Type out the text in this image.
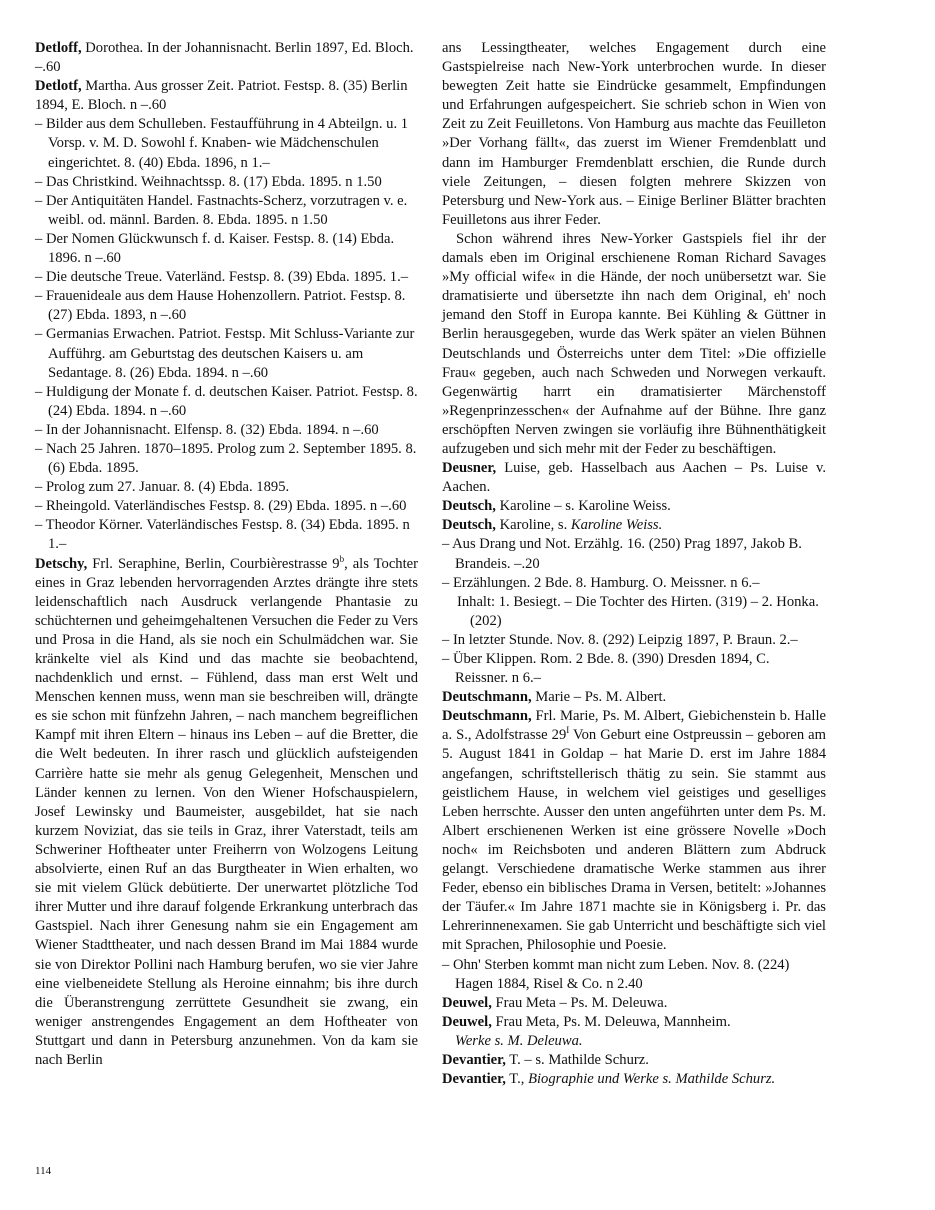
Detloff, Dorothea. In der Johannisnacht. Berlin 1897, Ed. Bloch. –.60
Detlotf, Martha. Aus grosser Zeit. Patriot. Festsp. 8. (35) Berlin 1894, E. Bloch. n –.60
– Bilder aus dem Schulleben. Festaufführung in 4 Abteilgn. u. 1 Vorsp. v. M. D. Sowohl f. Knaben- wie Mädchenschulen eingerichtet. 8. (40) Ebda. 1896, n 1.–
– Das Christkind. Weihnachtssp. 8. (17) Ebda. 1895. n 1.50
– Der Antiquitäten Handel. Fastnachts-Scherz, vorzutragen v. e. weibl. od. männl. Barden. 8. Ebda. 1895. n 1.50
– Der Nomen Glückwunsch f. d. Kaiser. Festsp. 8. (14) Ebda. 1896. n –.60
– Die deutsche Treue. Vaterländ. Festsp. 8. (39) Ebda. 1895. 1.–
– Frauenideale aus dem Hause Hohenzollern. Patriot. Festsp. 8. (27) Ebda. 1893, n –.60
– Germanias Erwachen. Patriot. Festsp. Mit Schluss-Variante zur Aufführg. am Geburtstag des deutschen Kaisers u. am Sedantage. 8. (26) Ebda. 1894. n –.60
– Huldigung der Monate f. d. deutschen Kaiser. Patriot. Festsp. 8. (24) Ebda. 1894. n –.60
– In der Johannisnacht. Elfensp. 8. (32) Ebda. 1894. n –.60
– Nach 25 Jahren. 1870–1895. Prolog zum 2. September 1895. 8. (6) Ebda. 1895.
– Prolog zum 27. Januar. 8. (4) Ebda. 1895.
– Rheingold. Vaterländisches Festsp. 8. (29) Ebda. 1895. n –.60
– Theodor Körner. Vaterländisches Festsp. 8. (34) Ebda. 1895. n 1.–
Detschy, Frl. Seraphine, Berlin, Courbièrestrasse 9$^b$, als Tochter eines in Graz lebenden hervorragenden Arztes drängte ihre stets leidenschaftlich nach Ausdruck verlangende Phantasie zu schüchternen und geheimgehaltenen Versuchen die Feder zu Vers und Prosa in die Hand, als sie noch ein Schulmädchen war. Sie kränkelte viel als Kind und das machte sie beobachtend, nachdenklich und ernst. – Fühlend, dass man erst Welt und Menschen kennen muss, wenn man sie beschreiben will, drängte es sie schon mit fünfzehn Jahren, – nach manchem begreiflichen Kampf mit ihren Eltern – hinaus ins Leben – auf die Bretter, die die Welt bedeuten. In ihrer rasch und glücklich aufsteigenden Carrière hatte sie mehr als genug Gelegenheit, Menschen und Länder kennen zu lernen. Von den Wiener Hofschauspielern, Josef Lewinsky und Baumeister, ausgebildet, hat sie nach kurzem Noviziat, das sie teils in Graz, ihrer Vaterstadt, teils am Schweriner Hoftheater unter Freiherrn von Wolzogens Leitung absolvierte, einen Ruf an das Burgtheater in Wien erhalten, wo sie mit vielem Glück debütierte. Der unerwartet plötzliche Tod ihrer Mutter und ihre darauf folgende Erkrankung unterbrach das Gastspiel. Nach ihrer Genesung nahm sie ein Engagement am Wiener Stadttheater, und nach dessen Brand im Mai 1884 wurde sie von Direktor Pollini nach Hamburg berufen, wo sie vier Jahre eine vielbeneidete Stellung als Heroine einnahm; bis ihre durch die Überanstrengung zerrüttete Gesundheit sie zwang, ein weniger anstrengendes Engagement an dem Hoftheater von Stuttgart und dann in Petersburg anzunehmen. Von da kam sie nach Berlin
ans Lessingtheater, welches Engagement durch eine Gastspielreise nach New-York unterbrochen wurde. In dieser bewegten Zeit hatte sie Eindrücke gesammelt, Empfindungen und Erfahrungen aufgespeichert. Sie schrieb schon in Wien von Zeit zu Zeit Feuilletons. Von Hamburg aus machte das Feuilleton »Der Vorhang fällt«, das zuerst im Wiener Fremdenblatt und dann im Hamburger Fremdenblatt erschien, die Runde durch viele Zeitungen, – diesen folgten mehrere Skizzen von Petersburg und New-York aus. – Einige Berliner Blätter brachten Feuilletons aus ihrer Feder.
Schon während ihres New-Yorker Gastspiels fiel ihr der damals eben im Original erschienene Roman Richard Savages »My official wife« in die Hände, der noch unübersetzt war. Sie dramatisierte und übersetzte ihn nach dem Original, eh' noch jemand den Stoff in Europa kannte. Bei Kühling & Güttner in Berlin herausgegeben, wurde das Werk später an vielen Bühnen Deutschlands und Österreichs unter dem Titel: »Die offizielle Frau« gegeben, auch nach Schweden und Norwegen verkauft. Gegenwärtig harrt ein dramatisierter Märchenstoff »Regenprinzesschen« der Aufnahme auf der Bühne. Ihre ganz erschöpften Nerven zwingen sie vorläufig ihre Bühnenthätigkeit aufzugeben und sich mehr mit der Feder zu beschäftigen.
Deusner, Luise, geb. Hasselbach aus Aachen – Ps. Luise v. Aachen.
Deutsch, Karoline – s. Karoline Weiss.
Deutsch, Karoline, s. Karoline Weiss.
– Aus Drang und Not. Erzählg. 16. (250) Prag 1897, Jakob B. Brandeis. –.20
– Erzählungen. 2 Bde. 8. Hamburg. O. Meissner. n 6.–
Inhalt: 1. Besiegt. – Die Tochter des Hirten. (319) – 2. Honka. (202)
– In letzter Stunde. Nov. 8. (292) Leipzig 1897, P. Braun. 2.–
– Über Klippen. Rom. 2 Bde. 8. (390) Dresden 1894, C. Reissner. n 6.–
Deutschmann, Marie – Ps. M. Albert.
Deutschmann, Frl. Marie, Ps. M. Albert, Giebichenstein b. Halle a. S., Adolfstrasse $29^I$ Von Geburt eine Ostpreussin – geboren am 5. August 1841 in Goldap – hat Marie D. erst im Jahre 1884 angefangen, schriftstellerisch thätig zu sein. Sie stammt aus geistlichem Hause, in welchem viel geistiges und geselliges Leben herrschte. Ausser den unten angeführten unter dem Ps. M. Albert erschienenen Werken ist eine grössere Novelle »Doch noch« im Reichsboten und anderen Blättern zum Abdruck gelangt. Verschiedene dramatische Werke stammen aus ihrer Feder, ebenso ein biblisches Drama in Versen, betitelt: »Johannes der Täufer.« Im Jahre 1871 machte sie in Königsberg i. Pr. das Lehrerinnenexamen. Sie gab Unterricht und beschäftigte sich viel mit Sprachen, Philosophie und Poesie.
– Ohn' Sterben kommt man nicht zum Leben. Nov. 8. (224) Hagen 1884, Risel & Co. n 2.40
Deuwel, Frau Meta – Ps. M. Deleuwa.
Deuwel, Frau Meta, Ps. M. Deleuwa, Mannheim.
Werke s. M. Deleuwa.
Devantier, T. – s. Mathilde Schurz.
Devantier, T., Biographie und Werke s. Mathilde Schurz.
114
